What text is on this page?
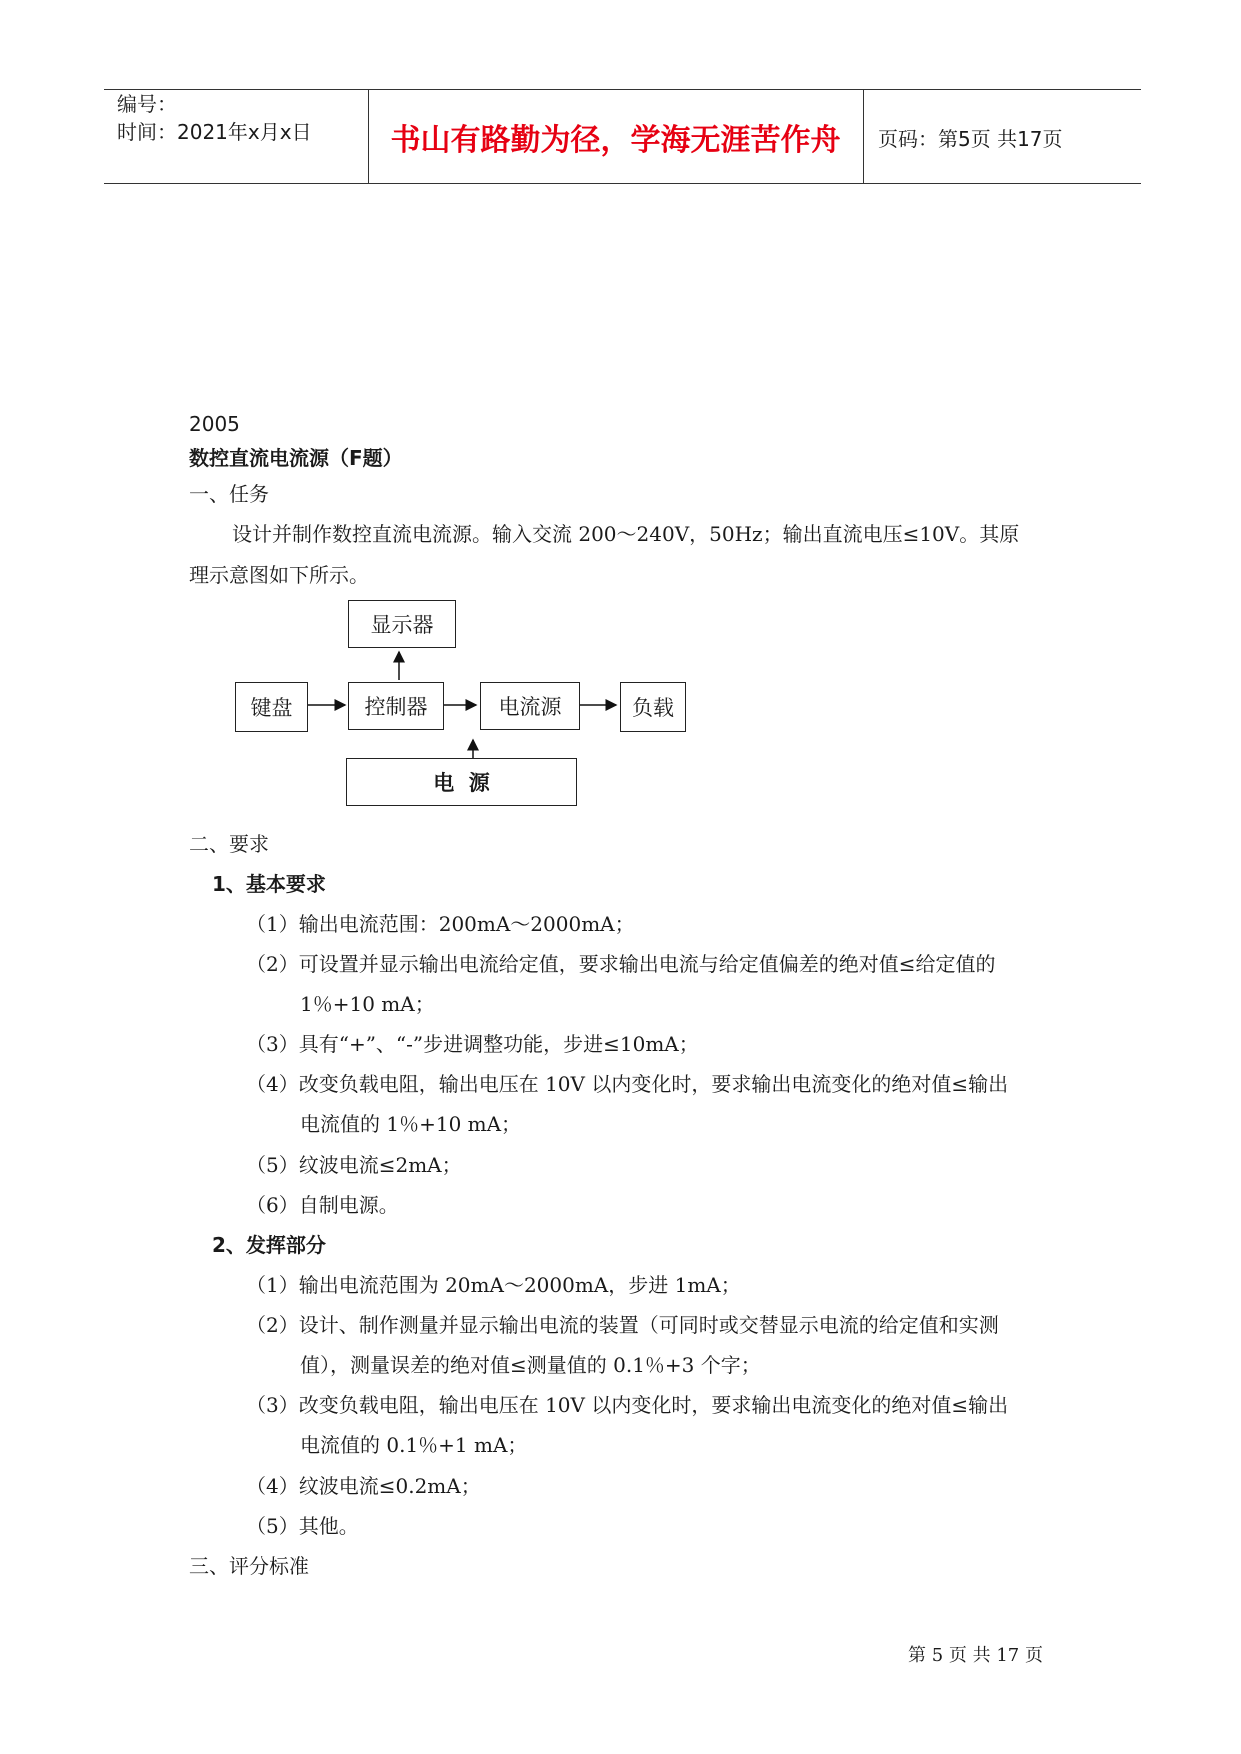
编号：
时间：2021年x月x日	书山有路勤为径，学海无涯苦作舟	页码：第5页 共17页
2005
数控直流电流源（F题）
一、任务
设计并制作数控直流电流源。输入交流 200～240V，50Hz；输出直流电压≤10V。其原
理示意图如下所示。
显示器
键盘	控制器	电流源	负载
电  源
二、要求
1、基本要求
（1）输出电流范围：200mA～2000mA；
（2）可设置并显示输出电流给定值，要求输出电流与给定值偏差的绝对值≤给定值的
1％+10 mA；
（3）具有“+”、“-”步进调整功能，步进≤10mA；
（4）改变负载电阻，输出电压在 10V 以内变化时，要求输出电流变化的绝对值≤输出
电流值的 1％+10 mA；
（5）纹波电流≤2mA；
（6）自制电源。
2、发挥部分
（1）输出电流范围为 20mA～2000mA，步进 1mA；
（2）设计、制作测量并显示输出电流的装置（可同时或交替显示电流的给定值和实测
值），测量误差的绝对值≤测量值的 0.1％+3 个字；
（3）改变负载电阻，输出电压在 10V 以内变化时，要求输出电流变化的绝对值≤输出
电流值的 0.1％+1 mA；
（4）纹波电流≤0.2mA；
（5）其他。
三、评分标准
第 5 页 共 17 页
